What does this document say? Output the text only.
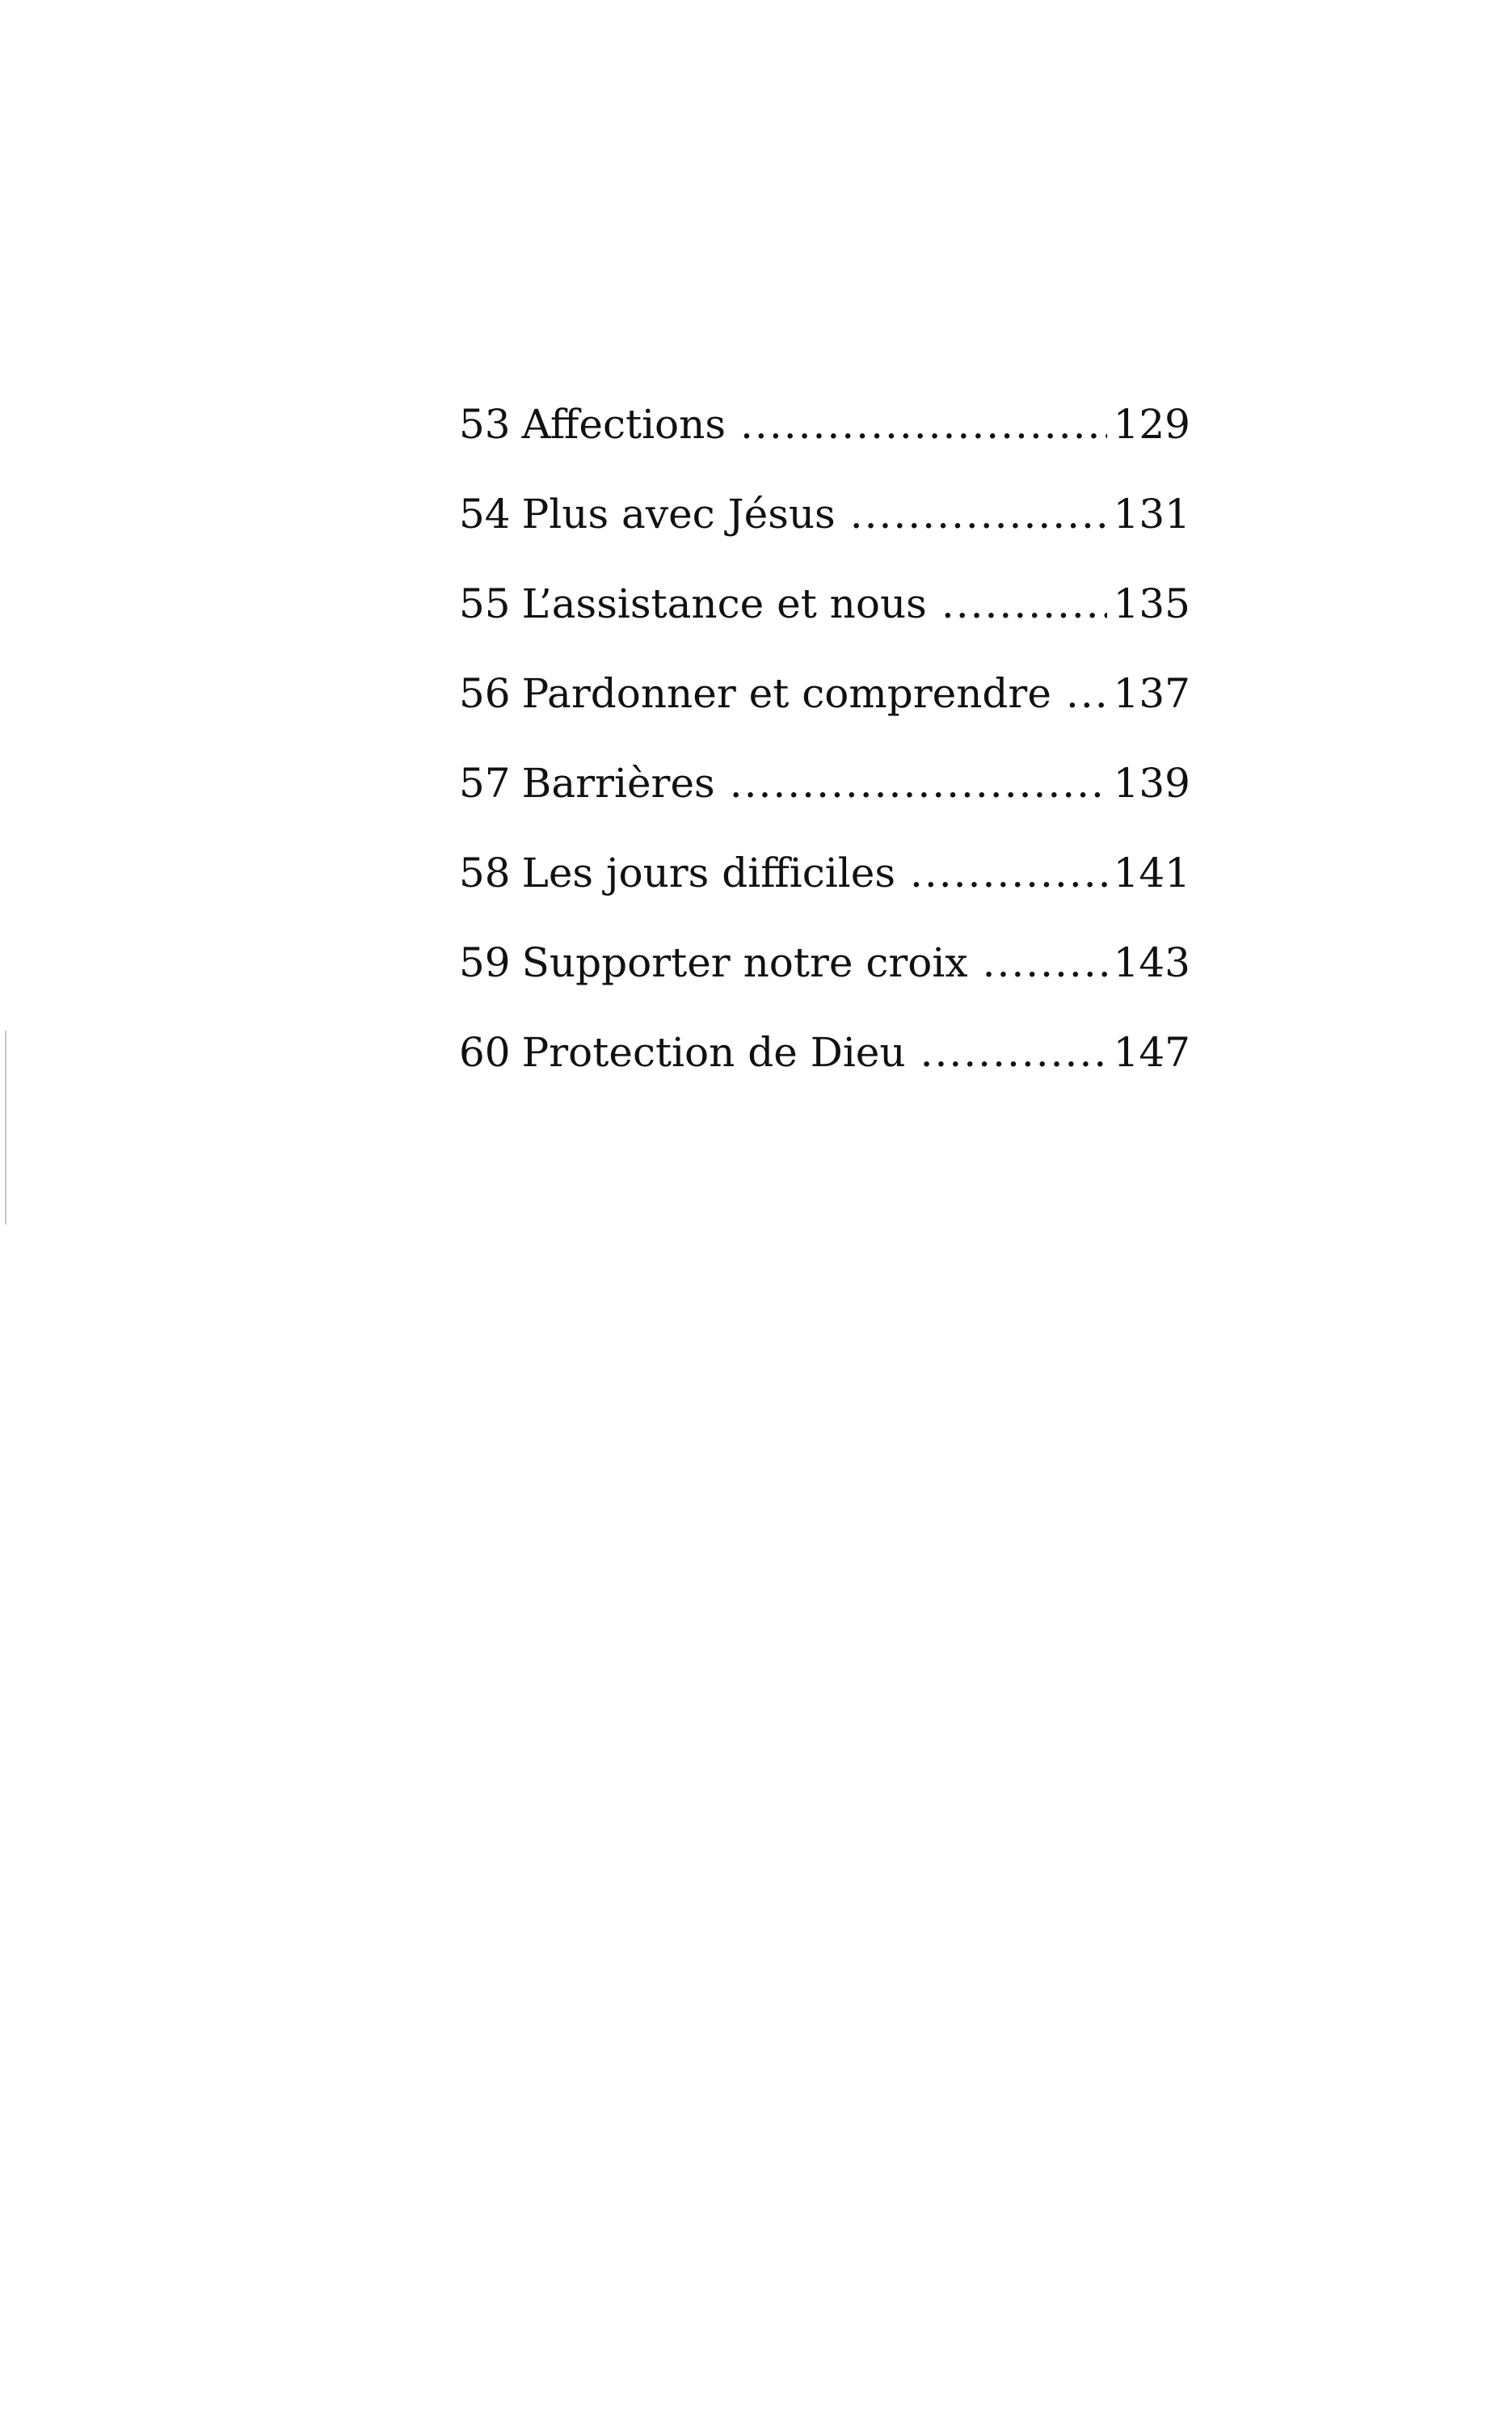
53 Affections .....	129
54 Plus avec Jésus .....	131
55 L’assistance et nous .....	135
56 Pardonner et comprendre ..... 137
57 Barrières .....	139
58 Les jours difficiles .....	141
59 Supporter notre croix .....	143
60 Protection de Dieu .....	147
